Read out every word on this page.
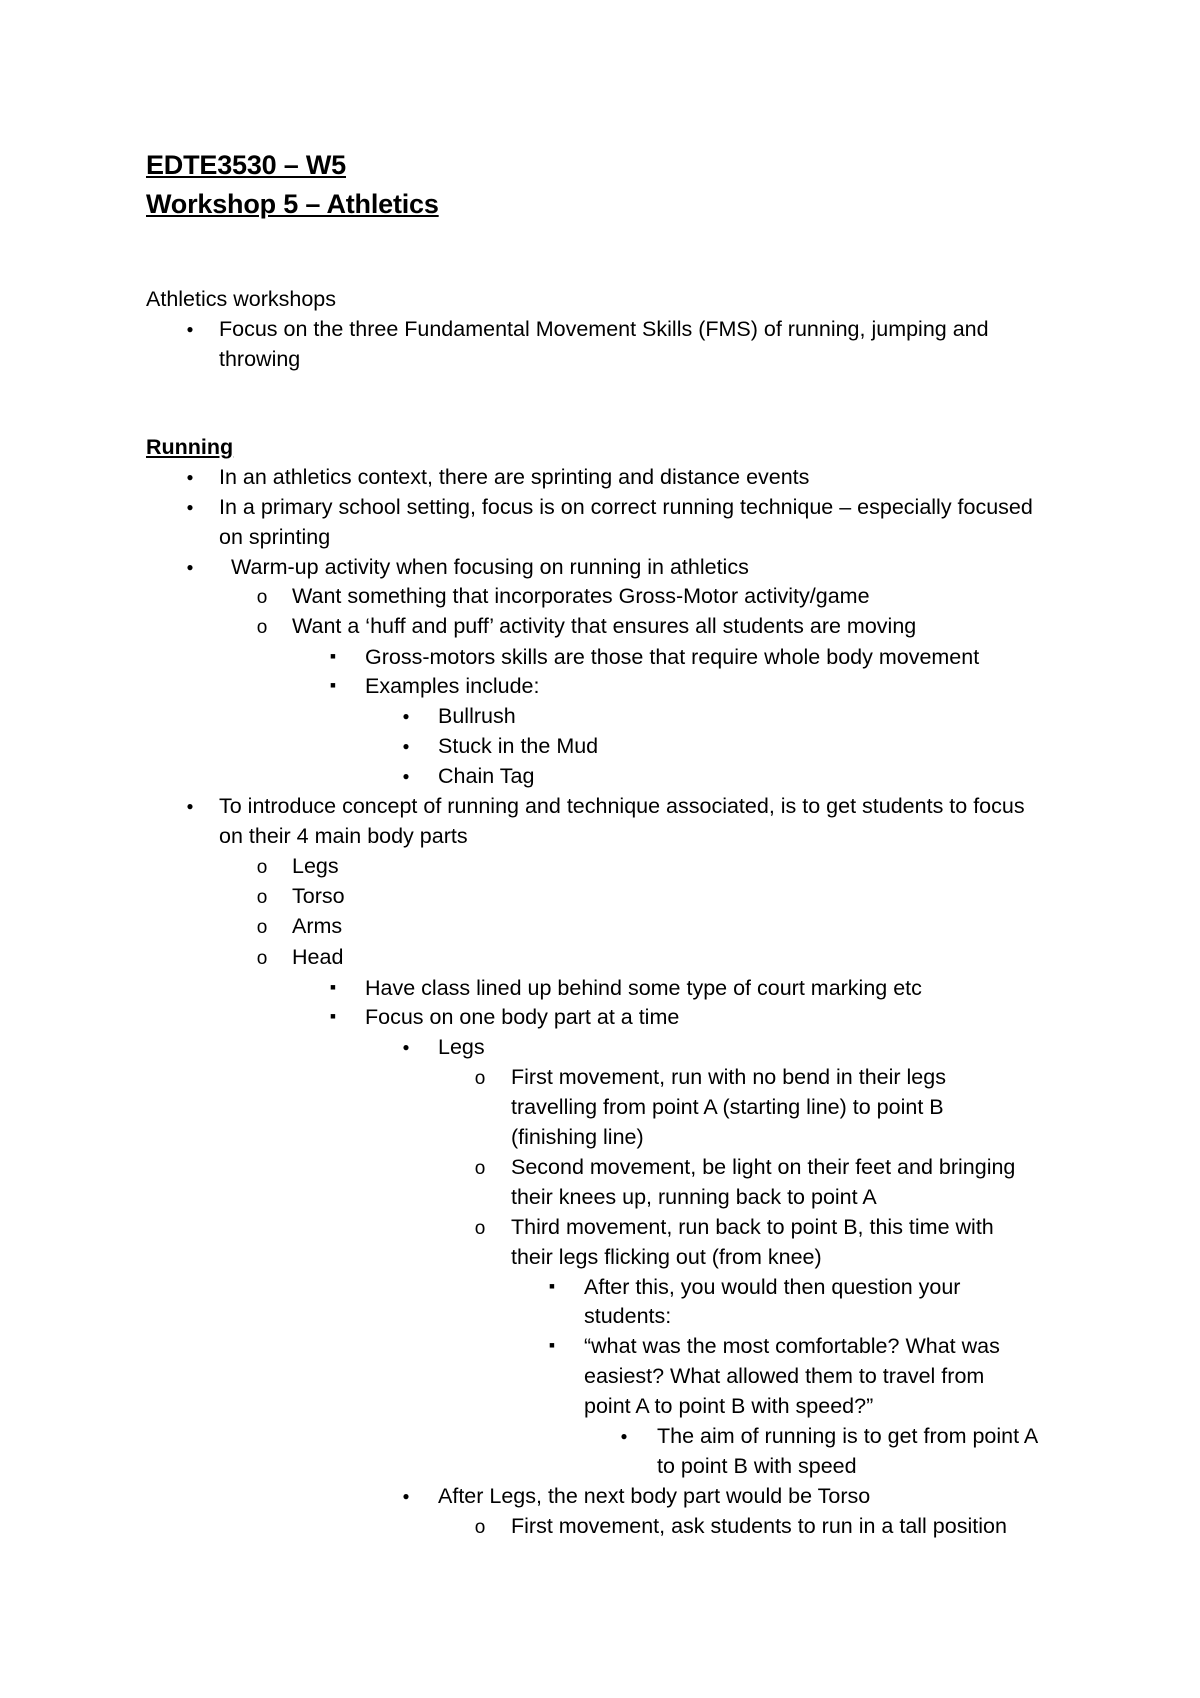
EDTE3530 – W5
Workshop 5 – Athletics
Athletics workshops
●
Focus on the three Fundamental Movement Skills (FMS) of running, jumping and
throwing
Running
●
In an athletics context, there are sprinting and distance events
●
In a primary school setting, focus is on correct running technique – especially focused
on sprinting
●
Warm-up activity when focusing on running in athletics
o
Want something that incorporates Gross-Motor activity/game
o
Want a ‘huff and puff’ activity that ensures all students are moving
▪
Gross-motors skills are those that require whole body movement
▪
Examples include:
●
Bullrush
●
Stuck in the Mud
●
Chain Tag
●
To introduce concept of running and technique associated, is to get students to focus
on their 4 main body parts
o
Legs
o
Torso
o
Arms
o
Head
▪
Have class lined up behind some type of court marking etc
▪
Focus on one body part at a time
●
Legs
o
First movement, run with no bend in their legs
travelling from point A (starting line) to point B
(finishing line)
o
Second movement, be light on their feet and bringing
their knees up, running back to point A
o
Third movement, run back to point B, this time with
their legs flicking out (from knee)
▪
After this, you would then question your
students:
▪
“what was the most comfortable? What was
easiest? What allowed them to travel from
point A to point B with speed?”
●
The aim of running is to get from point A
to point B with speed
●
After Legs, the next body part would be Torso
o
First movement, ask students to run in a tall position
